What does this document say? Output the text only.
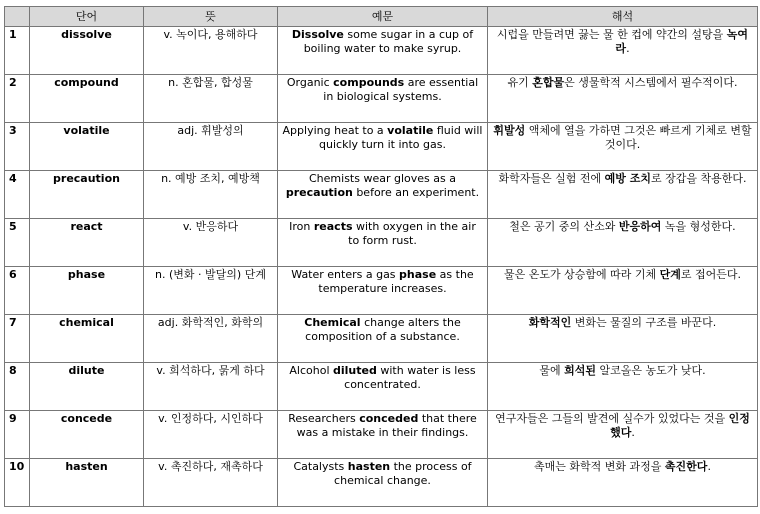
	단어	뜻	예문	해석
1	dissolve	v. 녹이다, 용해하다	Dissolve some sugar in a cup of boiling water to make syrup.	시럽을 만들려면 끓는 물 한 컵에 약간의 설탕을 녹여라.
2	compound	n. 혼합물, 합성물	Organic compounds are essential in biological systems.	유기 혼합물은 생물학적 시스템에서 필수적이다.
3	volatile	adj. 휘발성의	Applying heat to a volatile fluid will quickly turn it into gas.	휘발성 액체에 열을 가하면 그것은 빠르게 기체로 변할 것이다.
4	precaution	n. 예방 조치, 예방책	Chemists wear gloves as a precaution before an experiment.	화학자들은 실험 전에 예방 조치로 장갑을 착용한다.
5	react	v. 반응하다	Iron reacts with oxygen in the air to form rust.	철은 공기 중의 산소와 반응하여 녹을 형성한다.
6	phase	n. (변화 · 발달의) 단계	Water enters a gas phase as the temperature increases.	물은 온도가 상승함에 따라 기체 단계로 접어든다.
7	chemical	adj. 화학적인, 화학의	Chemical change alters the composition of a substance.	화학적인 변화는 물질의 구조를 바꾼다.
8	dilute	v. 희석하다, 묽게 하다	Alcohol diluted with water is less concentrated.	물에 희석된 알코올은 농도가 낮다.
9	concede	v. 인정하다, 시인하다	Researchers conceded that there was a mistake in their findings.	연구자들은 그들의 발견에 실수가 있었다는 것을 인정했다.
10	hasten	v. 촉진하다, 재촉하다	Catalysts hasten the process of chemical change.	촉매는 화학적 변화 과정을 촉진한다.
